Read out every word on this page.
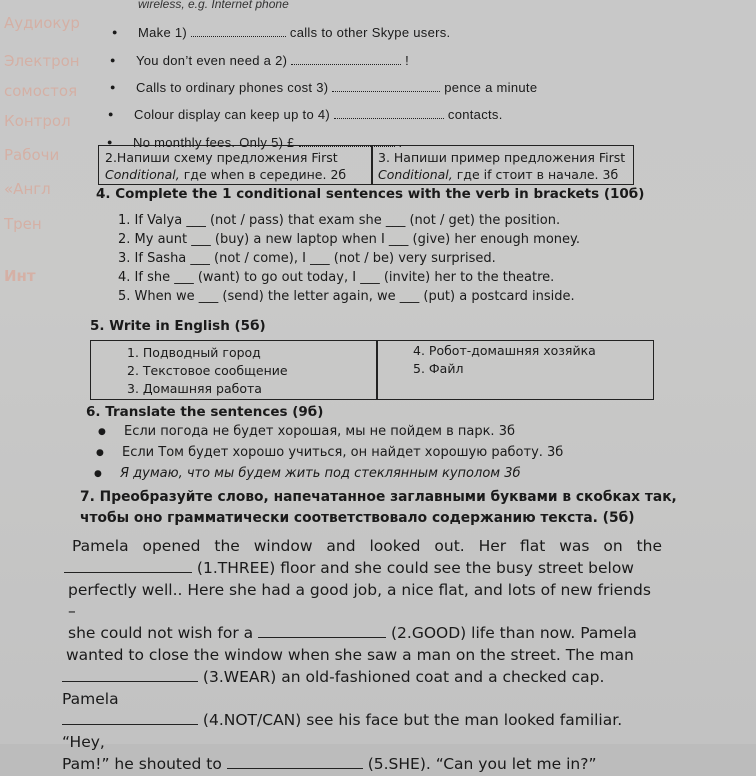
Аудиокур
Электрон
сомостоя
Контрол
Рабочи
«Англ
Трен
Инт
wireless, e.g. Internet phone
● Make 1)	calls to other Skype users.
● You don’t even need a 2)	!
● Calls to ordinary phones cost 3)	pence a minute
● Colour display can keep up to 4)	contacts.
● No monthly fees. Only 5) £	.
2.Напиши схему предложения First
Conditional, где when в середине. 2б
3. Напиши пример предложения First
Conditional, где if стоит в начале. 3б
4. Complete the 1 conditional sentences with the verb in brackets (10б)
1. If Valya ___ (not / pass) that exam she ___ (not / get) the position.
2. My aunt ___ (buy) a new laptop when I ___ (give) her enough money.
3. If Sasha ___ (not / come), I ___ (not / be) very surprised.
4. If she ___ (want) to go out today, I ___ (invite) her to the theatre.
5. When we ___ (send) the letter again, we ___ (put) a postcard inside.
5. Write in English (5б)
1. Подводный город
2. Текстовое сообщение
3. Домашняя работа
4. Робот-домашняя хозяйка
5. Файл
6. Translate the sentences (9б)
● Если погода не будет хорошая, мы не пойдем в парк. 3б
● Если Том будет хорошо учиться, он найдет хорошую работу. 3б
● Я думаю, что мы будем жить под стеклянным куполом 3б
7. Преобразуйте слово, напечатанное заглавными буквами в скобках так,
чтобы оно грамматически соответствовало содержанию текста. (5б)
Pamela opened the window and looked out. Her flat was on the
(1.THREE) floor and she could see the busy street below
perfectly well.. Here she had a good job, a nice flat, and lots of new friends –
she could not wish for a	(2.GOOD) life than now. Pamela
wanted to close the window when she saw a man on the street. The man
(3.WEAR) an old-fashioned coat and a checked cap. Pamela
(4.NOT/CAN) see his face but the man looked familiar. “Hey,
Pam!” he shouted to	(5.SHE). “Can you let me in?”
